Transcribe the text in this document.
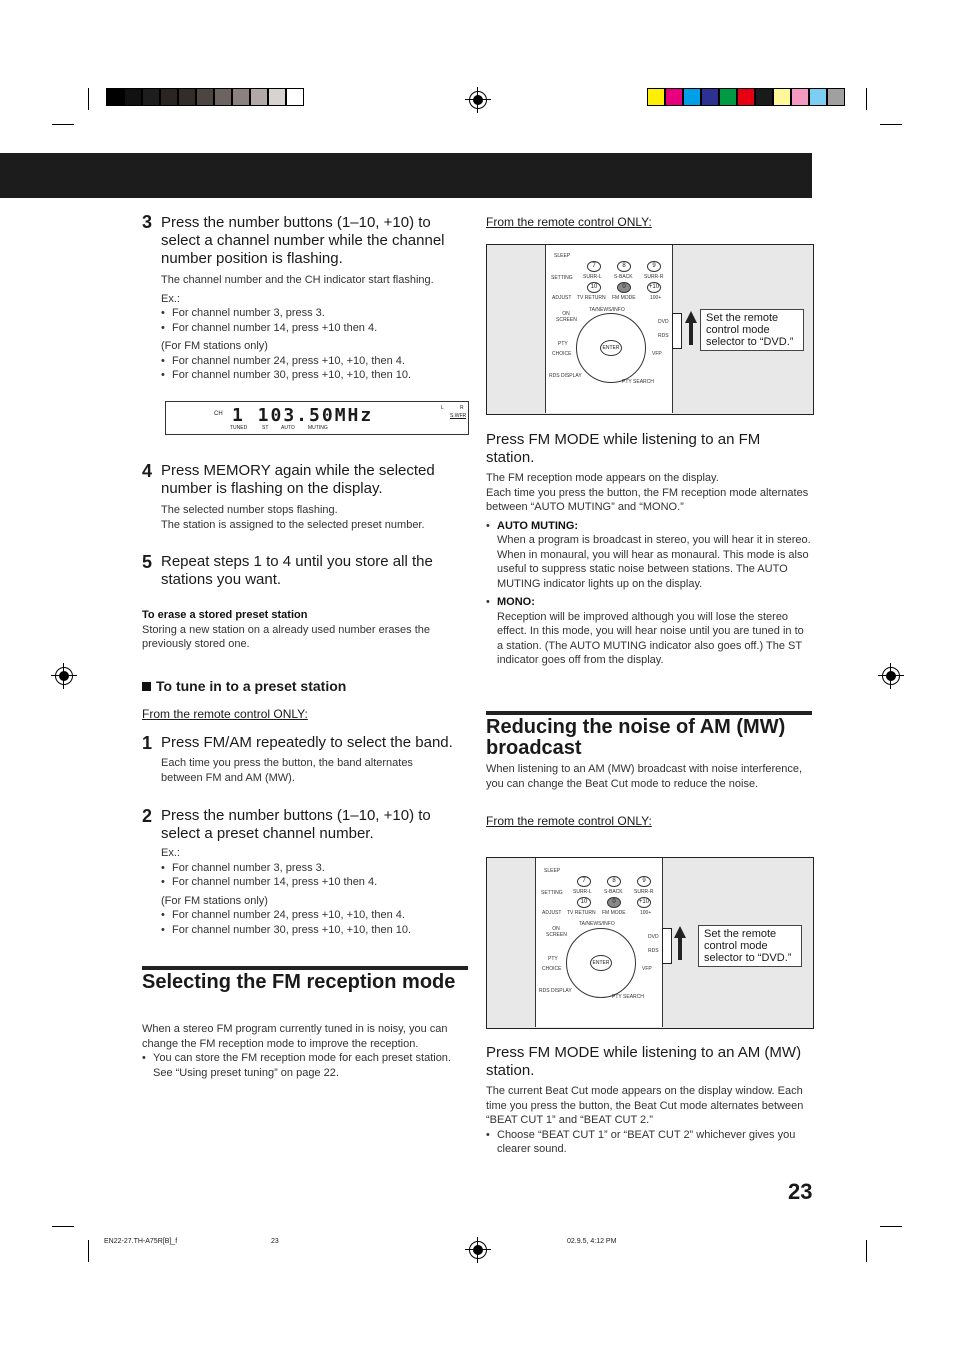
3 Press the number buttons (1–10, +10) to select a channel number while the channel number position is flashing.

The channel number and the CH indicator start flashing.

Ex.:

• For channel number 3, press 3.

• For channel number 14, press +10 then 4.

(For FM stations only)

• For channel number 24, press +10, +10, then 4.

• For channel number 30, press +10, +10, then 10.

CH 1 103.50MHz
TUNED	ST	AUTO	MUTING
L	R
S.WFR
4 Press MEMORY again while the selected number is flashing on the display.

The selected number stops flashing.

The station is assigned to the selected preset number.

5 Repeat steps 1 to 4 until you store all the stations you want.

To erase a stored preset station

Storing a new station on a already used number erases the previously stored one.

To tune in to a preset station
From the remote control ONLY:
1 Press FM/AM repeatedly to select the band.
Each time you press the button, the band alternates between FM and AM (MW).
2 Press the number buttons (1–10, +10) to select a preset channel number.

Ex.:

• For channel number 3, press 3.

• For channel number 14, press +10 then 4.

(For FM stations only)

• For channel number 24, press +10, +10, then 4.

• For channel number 30, press +10, +10, then 10.

Selecting the FM reception mode

When a stereo FM program currently tuned in is noisy, you can change the FM reception mode to improve the reception.

• You can store the FM reception mode for each preset station. See “Using preset tuning” on page 22.

From the remote control ONLY:
SLEEP
SETTING
ADJUST
7	8	9
SURR-L S-BACK SURR-R
10	0	+10
TV RETURN FM MODE	100+
TA/NEWS/INFO
ON SCREEN
PTY
CHOICE
RDS DISPLAY
DVD
RDS
VFP
ENTER
PTY SEARCH
Set the remote control mode selector to “DVD.”
Press FM MODE while listening to an FM station.

The FM reception mode appears on the display.
Each time you press the button, the FM reception mode alternates between “AUTO MUTING” and “MONO.”

• AUTO MUTING:

When a program is broadcast in stereo, you will hear it in stereo.

When in monaural, you will hear as monaural. This mode is also useful to suppress static noise between stations. The AUTO MUTING indicator lights up on the display.

• MONO:

Reception will be improved although you will lose the stereo effect. In this mode, you will hear noise until you are tuned in to a station. (The AUTO MUTING indicator also goes off.) The ST indicator goes off from the display.

Reducing the noise of AM (MW) broadcast
When listening to an AM (MW) broadcast with noise interference, you can change the Beat Cut mode to reduce the noise.
From the remote control ONLY:
SLEEP
SETTING
ADJUST
7	8	9
SURR-L S-BACK SURR-R
10	0	+10
TV RETURN FM MODE	100+
TA/NEWS/INFO
ON SCREEN
PTY
CHOICE
RDS DISPLAY
DVD
RDS
VFP
ENTER
PTY SEARCH
Set the remote control mode selector to “DVD.”
Press FM MODE while listening to an AM (MW) station.

The current Beat Cut mode appears on the display window. Each time you press the button, the Beat Cut mode alternates between “BEAT CUT 1” and “BEAT CUT 2.”

• Choose “BEAT CUT 1” or “BEAT CUT 2” whichever gives you clearer sound.

23
EN22-27.TH-A75R[B]_f	23	02.9.5, 4:12 PM
